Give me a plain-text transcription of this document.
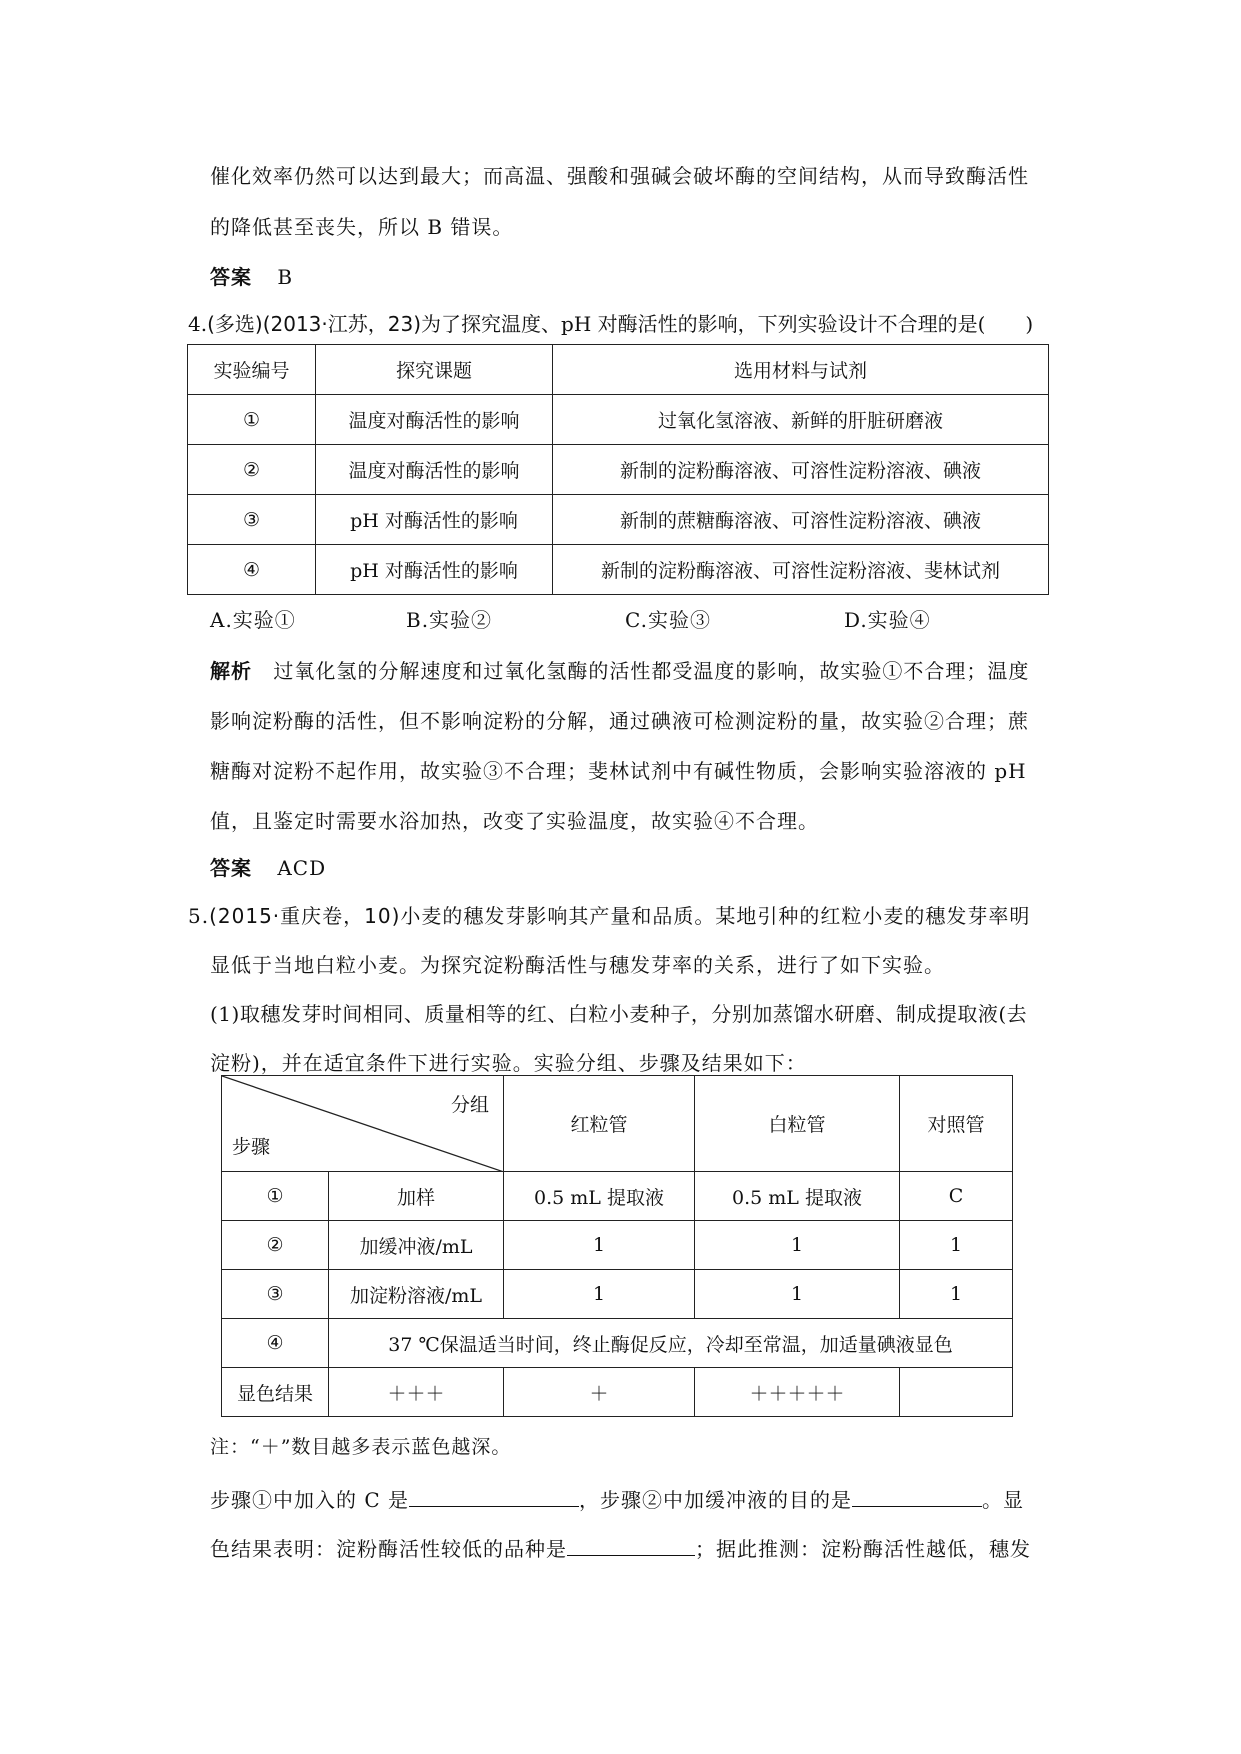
催化效率仍然可以达到最大；而高温、强酸和强碱会破坏酶的空间结构，从而导致酶活性
的降低甚至丧失，所以 B 错误。
答案 B
4.(多选)(2013·江苏，23)为了探究温度、pH 对酶活性的影响，下列实验设计不合理的是(　　)
实验编号	探究课题	选用材料与试剂
①	温度对酶活性的影响	过氧化氢溶液、新鲜的肝脏研磨液
②	温度对酶活性的影响	新制的淀粉酶溶液、可溶性淀粉溶液、碘液
③	pH 对酶活性的影响	新制的蔗糖酶溶液、可溶性淀粉溶液、碘液
④	pH 对酶活性的影响	新制的淀粉酶溶液、可溶性淀粉溶液、斐林试剂
A.实验①	B.实验②	C.实验③	D.实验④
解析 过氧化氢的分解速度和过氧化氢酶的活性都受温度的影响，故实验①不合理；温度
影响淀粉酶的活性，但不影响淀粉的分解，通过碘液可检测淀粉的量，故实验②合理；蔗
糖酶对淀粉不起作用，故实验③不合理；斐林试剂中有碱性物质，会影响实验溶液的 pH
值，且鉴定时需要水浴加热，改变了实验温度，故实验④不合理。
答案 ACD
5.(2015·重庆卷，10)小麦的穗发芽影响其产量和品质。某地引种的红粒小麦的穗发芽率明
显低于当地白粒小麦。为探究淀粉酶活性与穗发芽率的关系，进行了如下实验。
(1)取穗发芽时间相同、质量相等的红、白粒小麦种子，分别加蒸馏水研磨、制成提取液(去
淀粉)，并在适宜条件下进行实验。实验分组、步骤及结果如下：
分组
步骤		红粒管	白粒管	对照管
①	加样	0.5 mL 提取液	0.5 mL 提取液	C
②	加缓冲液/mL	1	1	1
③	加淀粉溶液/mL	1	1	1
④	37 ℃保温适当时间，终止酶促反应，冷却至常温，加适量碘液显色			
显色结果	＋＋＋	＋	＋＋＋＋＋	
注：“＋”数目越多表示蓝色越深。
步骤①中加入的 C 是	，步骤②中加缓冲液的目的是	。显
色结果表明：淀粉酶活性较低的品种是	；据此推测：淀粉酶活性越低，穗发
